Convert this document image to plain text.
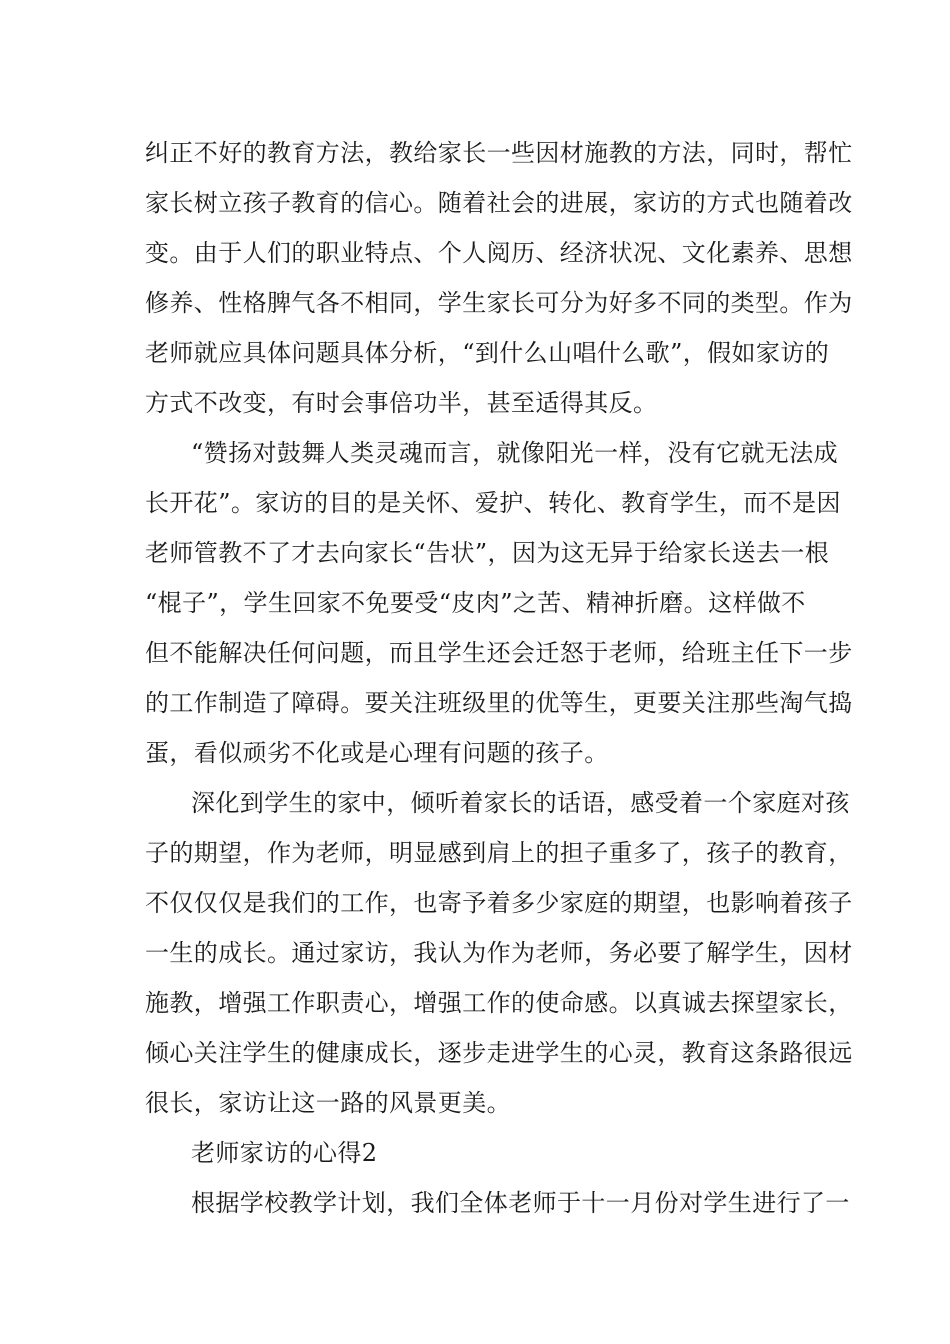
纠正不好的教育方法，教给家长一些因材施教的方法，同时，帮忙
家长树立孩子教育的信心。随着社会的进展，家访的方式也随着改
变。由于人们的职业特点、个人阅历、经济状况、文化素养、思想
修养、性格脾气各不相同，学生家长可分为好多不同的类型。作为
老师就应具体问题具体分析，“到什么山唱什么歌”，假如家访的
方式不改变，有时会事倍功半，甚至适得其反。
“赞扬对鼓舞人类灵魂而言，就像阳光一样，没有它就无法成
长开花”。家访的目的是关怀、爱护、转化、教育学生，而不是因
老师管教不了才去向家长“告状”，因为这无异于给家长送去一根
“棍子”，学生回家不免要受“皮肉”之苦、精神折磨。这样做不
但不能解决任何问题，而且学生还会迁怒于老师，给班主任下一步
的工作制造了障碍。要关注班级里的优等生，更要关注那些淘气捣
蛋，看似顽劣不化或是心理有问题的孩子。
深化到学生的家中，倾听着家长的话语，感受着一个家庭对孩
子的期望，作为老师，明显感到肩上的担子重多了，孩子的教育，
不仅仅仅是我们的工作，也寄予着多少家庭的期望，也影响着孩子
一生的成长。通过家访，我认为作为老师，务必要了解学生，因材
施教，增强工作职责心，增强工作的使命感。以真诚去探望家长，
倾心关注学生的健康成长，逐步走进学生的心灵，教育这条路很远
很长，家访让这一路的风景更美。
老师家访的心得2
根据学校教学计划，我们全体老师于十一月份对学生进行了一
